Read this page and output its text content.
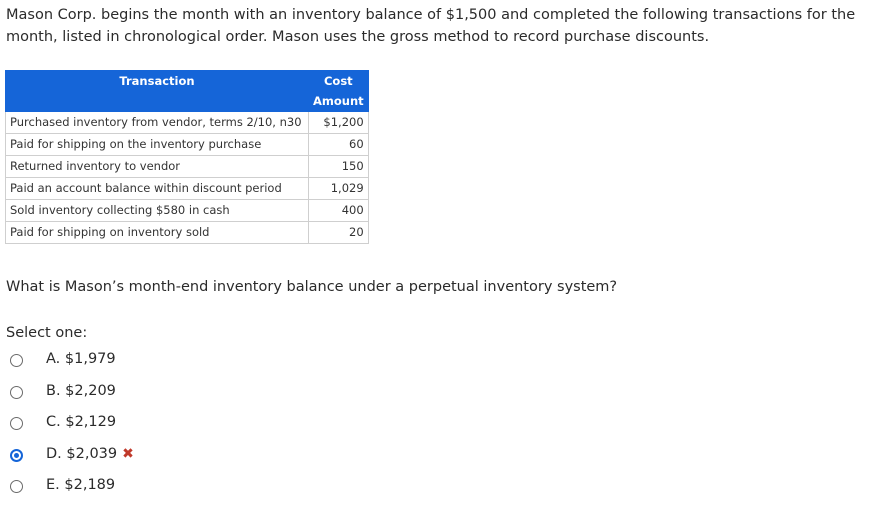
Mason Corp. begins the month with an inventory balance of $1,500 and completed the following transactions for the month, listed in chronological order. Mason uses the gross method to record purchase discounts.

Transaction	Cost Amount
Purchased inventory from vendor, terms 2/10, n30	$1,200
Paid for shipping on the inventory purchase	60
Returned inventory to vendor	150
Paid an account balance within discount period	1,029
Sold inventory collecting $580 in cash	400
Paid for shipping on inventory sold	20

What is Mason’s month-end inventory balance under a perpetual inventory system?

Select one:

A. $1,979
B. $2,209
C. $2,129
D. $2,039 ✖
E. $2,189
